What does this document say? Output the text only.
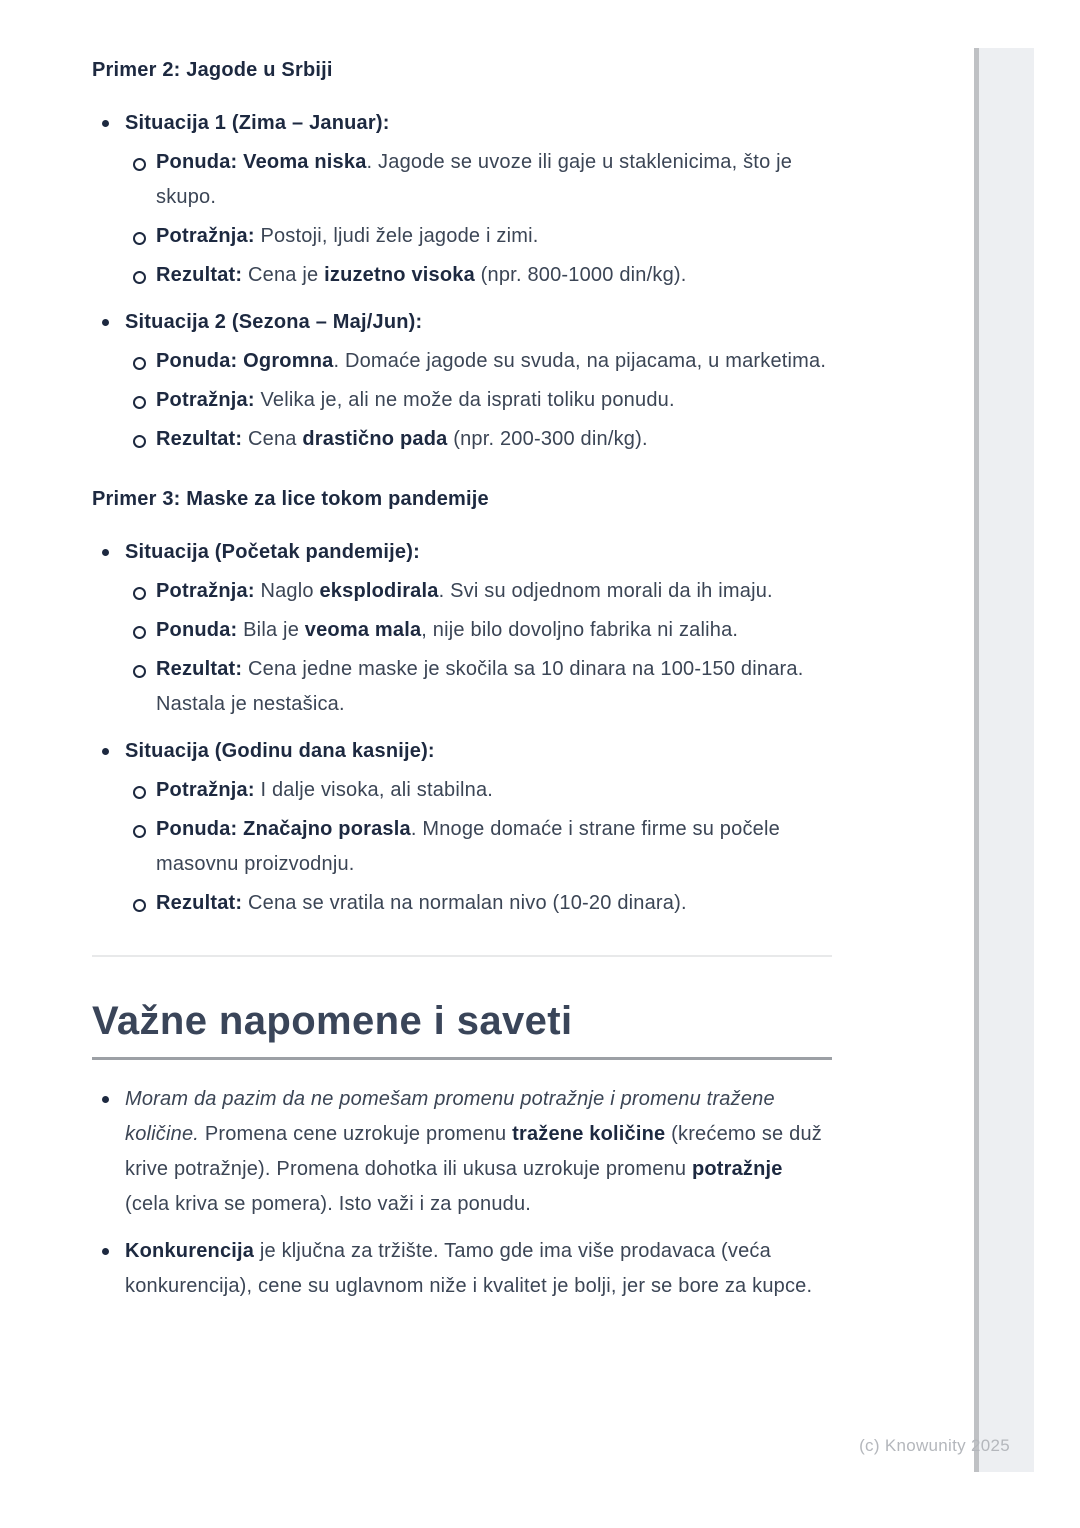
Primer 2: Jagode u Srbiji
Situacija 1 (Zima – Januar):
Ponuda: Veoma niska. Jagode se uvoze ili gaje u staklenicima, što je skupo.
Potražnja: Postoji, ljudi žele jagode i zimi.
Rezultat: Cena je izuzetno visoka (npr. 800-1000 din/kg).
Situacija 2 (Sezona – Maj/Jun):
Ponuda: Ogromna. Domaće jagode su svuda, na pijacama, u marketima.
Potražnja: Velika je, ali ne može da isprati toliku ponudu.
Rezultat: Cena drastično pada (npr. 200-300 din/kg).
Primer 3: Maske za lice tokom pandemije
Situacija (Početak pandemije):
Potražnja: Naglo eksplodirala. Svi su odjednom morali da ih imaju.
Ponuda: Bila je veoma mala, nije bilo dovoljno fabrika ni zaliha.
Rezultat: Cena jedne maske je skočila sa 10 dinara na 100-150 dinara. Nastala je nestašica.
Situacija (Godinu dana kasnije):
Potražnja: I dalje visoka, ali stabilna.
Ponuda: Značajno porasla. Mnoge domaće i strane firme su počele masovnu proizvodnju.
Rezultat: Cena se vratila na normalan nivo (10-20 dinara).
Važne napomene i saveti
Moram da pazim da ne pomešam promenu potražnje i promenu tražene količine. Promena cene uzrokuje promenu tražene količine (krećemo se duž krive potražnje). Promena dohotka ili ukusa uzrokuje promenu potražnje (cela kriva se pomera). Isto važi i za ponudu.
Konkurencija je ključna za tržište. Tamo gde ima više prodavaca (veća konkurencija), cene su uglavnom niže i kvalitet je bolji, jer se bore za kupce.
(c) Knowunity 2025
